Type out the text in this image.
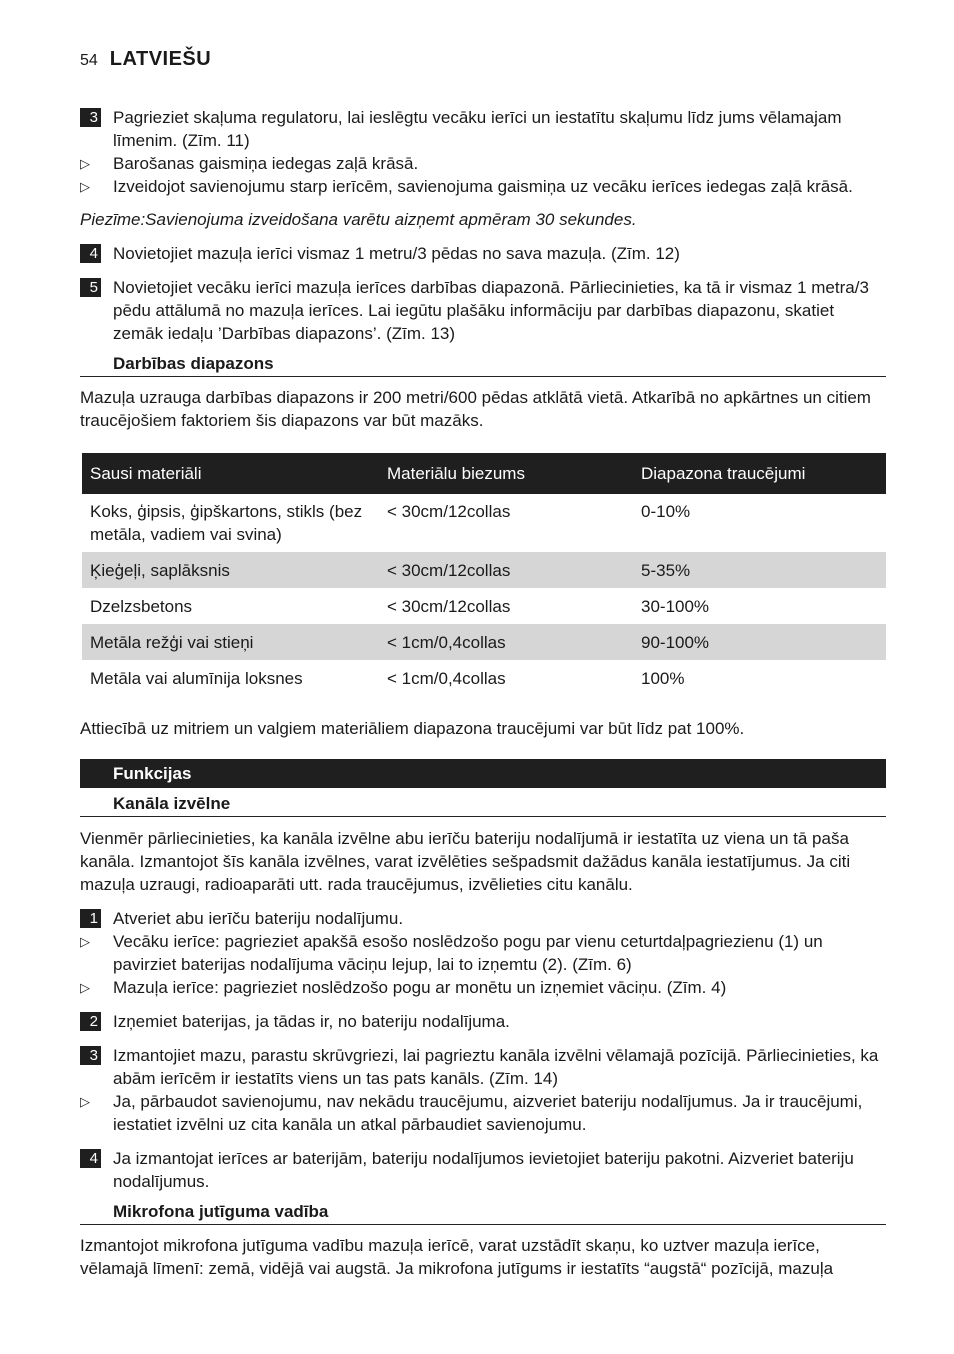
54 LATVIEŠU
3 Pagrieziet skaļuma regulatoru, lai ieslēgtu vecāku ierīci un iestatītu skaļumu līdz jums vēlamajam līmenim. (Zīm. 11)
▷	Barošanas gaismiņa iedegas zaļā krāsā.
▷	Izveidojot savienojumu starp ierīcēm, savienojuma gaismiņa uz vecāku ierīces iedegas zaļā krāsā.
Piezīme:Savienojuma izveidošana varētu aizņemt apmēram 30 sekundes.
4 Novietojiet mazuļa ierīci vismaz 1 metru/3 pēdas no sava mazuļa. (Zīm. 12)
5 Novietojiet vecāku ierīci mazuļa ierīces darbības diapazonā. Pārliecinieties, ka tā ir vismaz 1 metra/3 pēdu attālumā no mazuļa ierīces. Lai iegūtu plašāku informāciju par darbības diapazonu, skatiet zemāk iedaļu ’Darbības diapazons’. (Zīm. 13)
Darbības diapazons
Mazuļa uzrauga darbības diapazons ir 200 metri/600 pēdas atklātā vietā. Atkarībā no apkārtnes un citiem traucējošiem faktoriem šis diapazons var būt mazāks.
Sausi materiāli	Materiālu biezums	Diapazona traucējumi
Koks, ģipsis, ģipškartons, stikls (bez metāla, vadiem vai svina)	< 30cm/12collas	0-10%
Ķieģeļi, saplāksnis	< 30cm/12collas	5-35%
Dzelzsbetons	< 30cm/12collas	30-100%
Metāla režģi vai stieņi	< 1cm/0,4collas	90-100%
Metāla vai alumīnija loksnes	< 1cm/0,4collas	100%
Attiecībā uz mitriem un valgiem materiāliem diapazona traucējumi var būt līdz pat 100%.
Funkcijas
Kanāla izvēlne
Vienmēr pārliecinieties, ka kanāla izvēlne abu ierīču bateriju nodalījumā ir iestatīta uz viena un tā paša kanāla. Izmantojot šīs kanāla izvēlnes, varat izvēlēties sešpadsmit dažādus kanāla iestatījumus. Ja citi mazuļa uzraugi, radioaparāti utt. rada traucējumus, izvēlieties citu kanālu.
1 Atveriet abu ierīču bateriju nodalījumu.
▷	Vecāku ierīce: pagrieziet apakšā esošo noslēdzošo pogu par vienu ceturtdaļpagriezienu (1) un pavirziet baterijas nodalījuma vāciņu lejup, lai to izņemtu (2). (Zīm. 6)
▷	Mazuļa ierīce: pagrieziet noslēdzošo pogu ar monētu un izņemiet vāciņu. (Zīm. 4)
2 Izņemiet baterijas, ja tādas ir, no bateriju nodalījuma.
3 Izmantojiet mazu, parastu skrūvgriezi, lai pagrieztu kanāla izvēlni vēlamajā pozīcijā. Pārliecinieties, ka abām ierīcēm ir iestatīts viens un tas pats kanāls. (Zīm. 14)
▷	Ja, pārbaudot savienojumu, nav nekādu traucējumu, aizveriet bateriju nodalījumus. Ja ir traucējumi, iestatiet izvēlni uz cita kanāla un atkal pārbaudiet savienojumu.
4 Ja izmantojat ierīces ar baterijām, bateriju nodalījumos ievietojiet bateriju pakotni. Aizveriet bateriju nodalījumus.
Mikrofona jutīguma vadība
Izmantojot mikrofona jutīguma vadību mazuļa ierīcē, varat uzstādīt skaņu, ko uztver mazuļa ierīce, vēlamajā līmenī: zemā, vidējā vai augstā. Ja mikrofona jutīgums ir iestatīts “augstā“ pozīcijā, mazuļa
